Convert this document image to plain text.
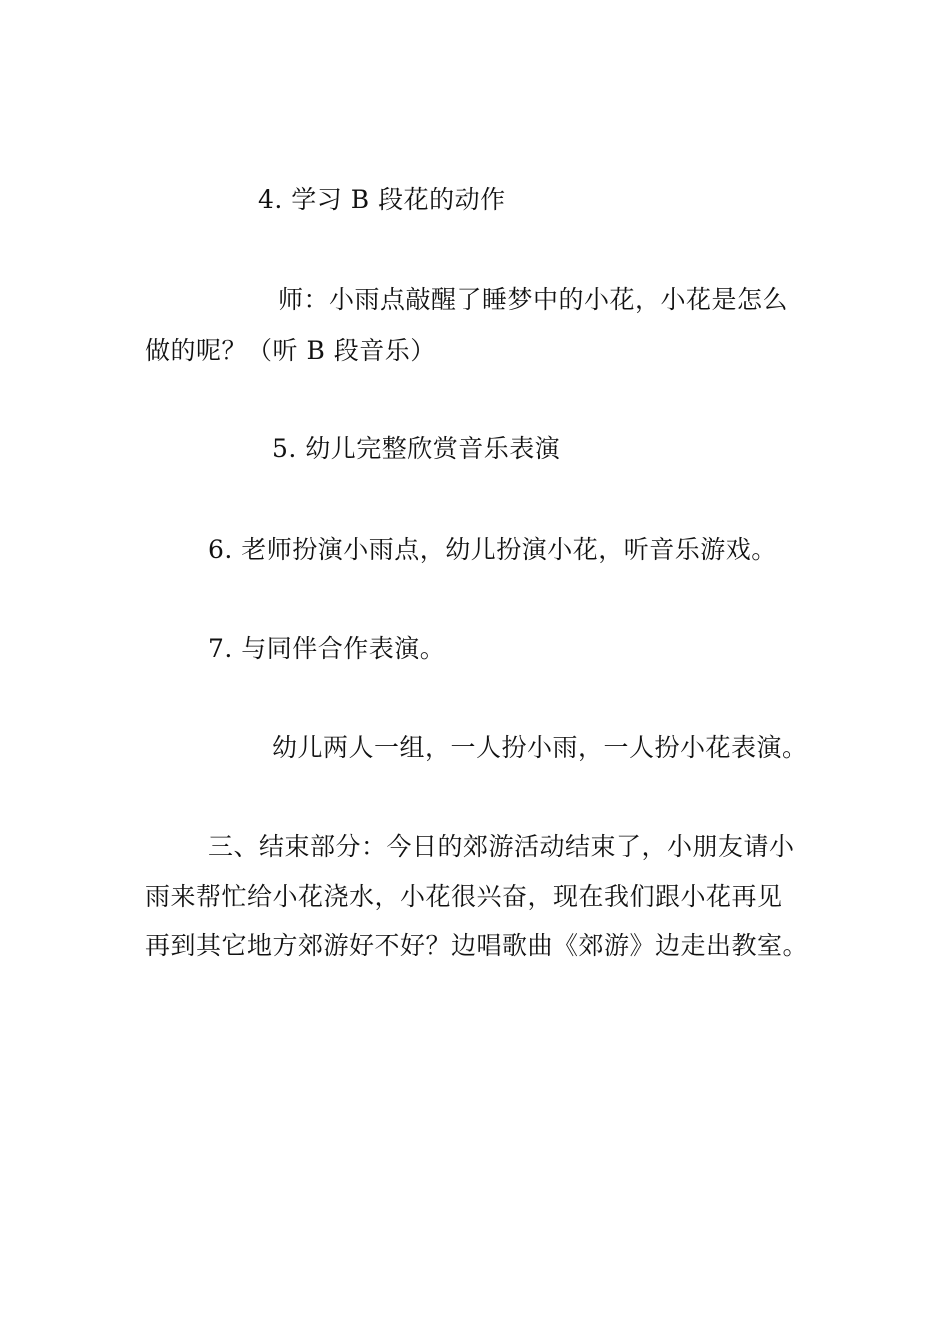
4. 学习 B 段花的动作
师：小雨点敲醒了睡梦中的小花，小花是怎么
做的呢？（听 B 段音乐）
5. 幼儿完整欣赏音乐表演
6. 老师扮演小雨点，幼儿扮演小花，听音乐游戏。
7. 与同伴合作表演。
幼儿两人一组，一人扮小雨，一人扮小花表演。
三、结束部分：今日的郊游活动结束了，小朋友请小
雨来帮忙给小花浇水，小花很兴奋，现在我们跟小花再见
再到其它地方郊游好不好？边唱歌曲《郊游》边走出教室。
